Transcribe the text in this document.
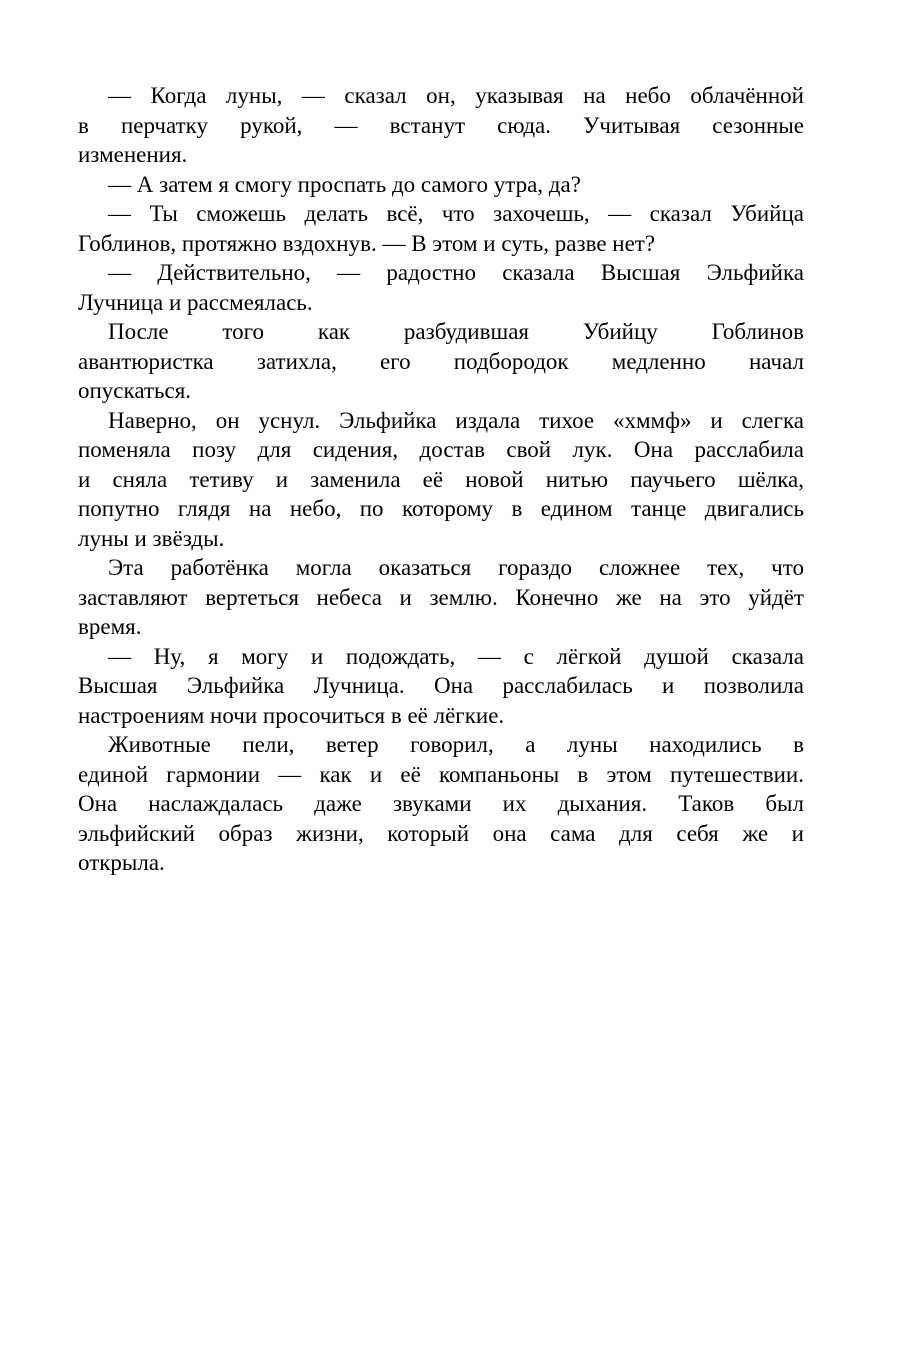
— Когда луны, — сказал он, указывая на небо облачённой
в перчатку рукой, — встанут сюда. Учитывая сезонные
изменения.
— А затем я смогу проспать до самого утра, да?
— Ты сможешь делать всё, что захочешь, — сказал Убийца
Гоблинов, протяжно вздохнув. — В этом и суть, разве нет?
— Действительно, — радостно сказала Высшая Эльфийка
Лучница и рассмеялась.
После того как разбудившая Убийцу Гоблинов
авантюристка затихла, его подбородок медленно начал
опускаться.
Наверно, он уснул. Эльфийка издала тихое «хммф» и слегка
поменяла позу для сидения, достав свой лук. Она расслабила
и сняла тетиву и заменила её новой нитью паучьего шёлка,
попутно глядя на небо, по которому в едином танце двигались
луны и звёзды.
Эта работёнка могла оказаться гораздо сложнее тех, что
заставляют вертеться небеса и землю. Конечно же на это уйдёт
время.
— Ну, я могу и подождать, — с лёгкой душой сказала
Высшая Эльфийка Лучница. Она расслабилась и позволила
настроениям ночи просочиться в её лёгкие.
Животные пели, ветер говорил, а луны находились в
единой гармонии — как и её компаньоны в этом путешествии.
Она наслаждалась даже звуками их дыхания. Таков был
эльфийский образ жизни, который она сама для себя же и
открыла.
